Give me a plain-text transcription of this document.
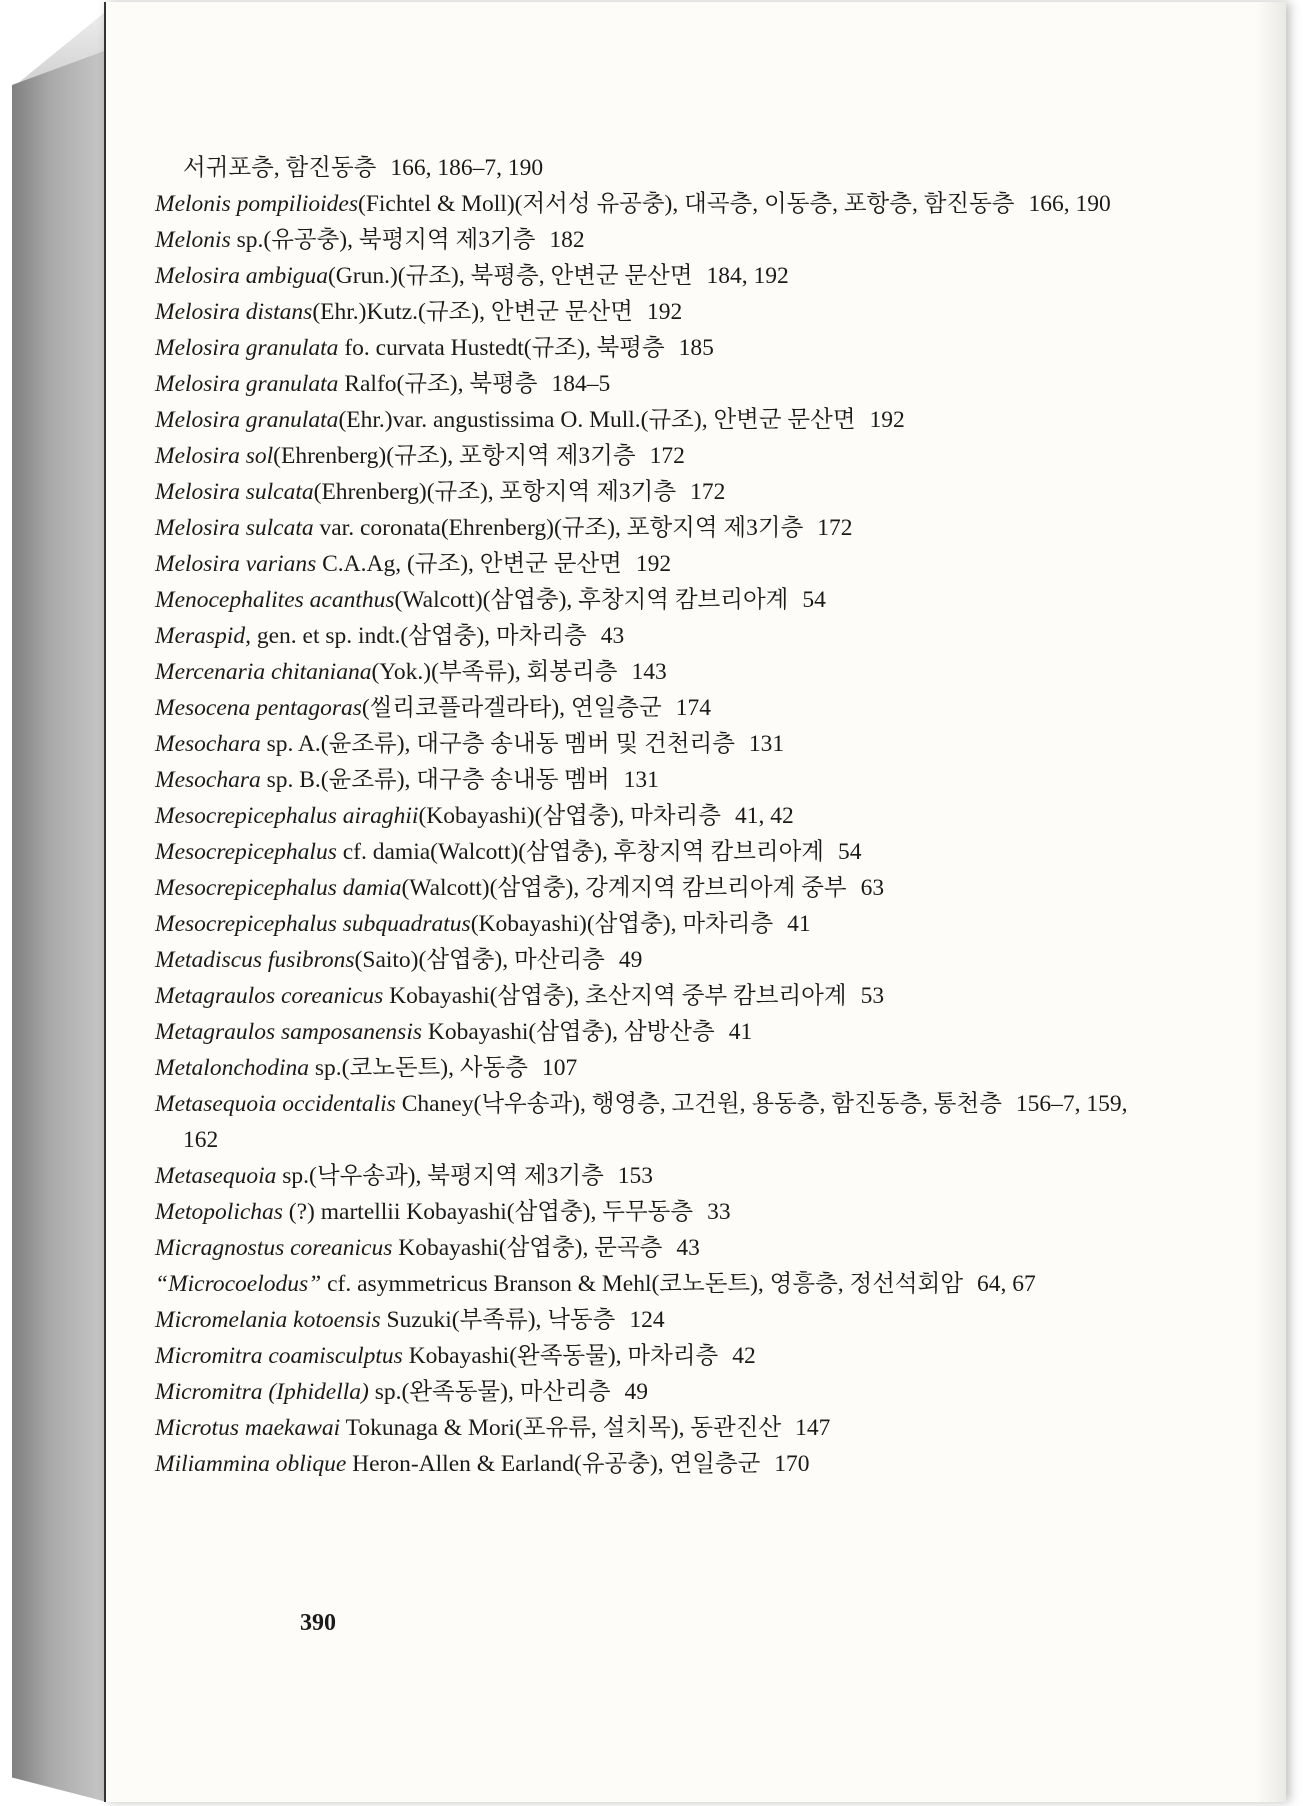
서귀포층, 함진동층 166, 186–7, 190
Melonis pompilioides(Fichtel & Moll)(저서성 유공충), 대곡층, 이동층, 포항층, 함진동층 166, 190
Melonis sp.(유공충), 북평지역 제3기층 182
Melosira ambigua(Grun.)(규조), 북평층, 안변군 문산면 184, 192
Melosira distans(Ehr.)Kutz.(규조), 안변군 문산면 192
Melosira granulata fo. curvata Hustedt(규조), 북평층 185
Melosira granulata Ralfo(규조), 북평층 184–5
Melosira granulata(Ehr.)var. angustissima O. Mull.(규조), 안변군 문산면 192
Melosira sol(Ehrenberg)(규조), 포항지역 제3기층 172
Melosira sulcata(Ehrenberg)(규조), 포항지역 제3기층 172
Melosira sulcata var. coronata(Ehrenberg)(규조), 포항지역 제3기층 172
Melosira varians C.A.Ag, (규조), 안변군 문산면 192
Menocephalites acanthus(Walcott)(삼엽충), 후창지역 캄브리아계 54
Meraspid, gen. et sp. indt.(삼엽충), 마차리층 43
Mercenaria chitaniana(Yok.)(부족류), 회봉리층 143
Mesocena pentagoras(씰리코플라겔라타), 연일층군 174
Mesochara sp. A.(윤조류), 대구층 송내동 멤버 및 건천리층 131
Mesochara sp. B.(윤조류), 대구층 송내동 멤버 131
Mesocrepicephalus airaghii(Kobayashi)(삼엽충), 마차리층 41, 42
Mesocrepicephalus cf. damia(Walcott)(삼엽충), 후창지역 캄브리아계 54
Mesocrepicephalus damia(Walcott)(삼엽충), 강계지역 캄브리아계 중부 63
Mesocrepicephalus subquadratus(Kobayashi)(삼엽충), 마차리층 41
Metadiscus fusibrons(Saito)(삼엽충), 마산리층 49
Metagraulos coreanicus Kobayashi(삼엽충), 초산지역 중부 캄브리아계 53
Metagraulos samposanensis Kobayashi(삼엽충), 삼방산층 41
Metalonchodina sp.(코노돈트), 사동층 107
Metasequoia occidentalis Chaney(낙우송과), 행영층, 고건원, 용동층, 함진동층, 통천층 156–7, 159, 162
Metasequoia sp.(낙우송과), 북평지역 제3기층 153
Metopolichas (?) martellii Kobayashi(삼엽충), 두무동층 33
Micragnostus coreanicus Kobayashi(삼엽충), 문곡층 43
“Microcoelodus” cf. asymmetricus Branson & Mehl(코노돈트), 영흥층, 정선석회암 64, 67
Micromelania kotoensis Suzuki(부족류), 낙동층 124
Micromitra coamisculptus Kobayashi(완족동물), 마차리층 42
Micromitra (Iphidella) sp.(완족동물), 마산리층 49
Microtus maekawai Tokunaga & Mori(포유류, 설치목), 동관진산 147
Miliammina oblique Heron-Allen & Earland(유공충), 연일층군 170
390
